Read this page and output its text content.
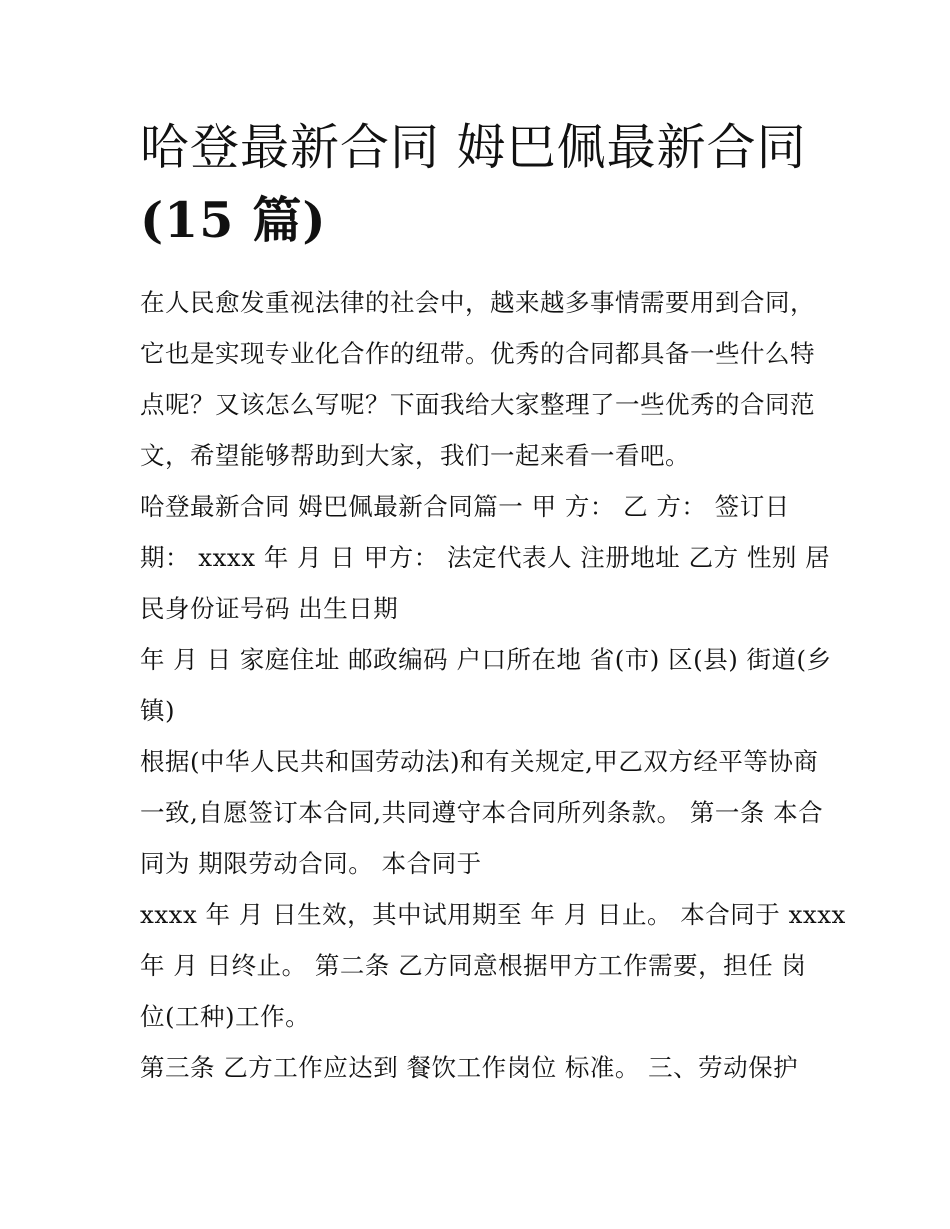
哈登最新合同 姆巴佩最新合同
(15 篇)
在人民愈发重视法律的社会中，越来越多事情需要用到合同，
它也是实现专业化合作的纽带。优秀的合同都具备一些什么特
点呢？又该怎么写呢？下面我给大家整理了一些优秀的合同范
文，希望能够帮助到大家，我们一起来看一看吧。
哈登最新合同 姆巴佩最新合同篇一 甲 方： 乙 方： 签订日
期： xxxx 年 月 日 甲方： 法定代表人 注册地址 乙方 性别 居
民身份证号码 出生日期
年 月 日 家庭住址 邮政编码 户口所在地 省(市) 区(县) 街道(乡
镇)
根据(中华人民共和国劳动法)和有关规定,甲乙双方经平等协商
一致,自愿签订本合同,共同遵守本合同所列条款。 第一条 本合
同为 期限劳动合同。 本合同于
xxxx 年 月 日生效，其中试用期至 年 月 日止。 本合同于 xxxx
年 月 日终止。 第二条 乙方同意根据甲方工作需要，担任 岗
位(工种)工作。
第三条 乙方工作应达到 餐饮工作岗位 标准。 三、劳动保护
